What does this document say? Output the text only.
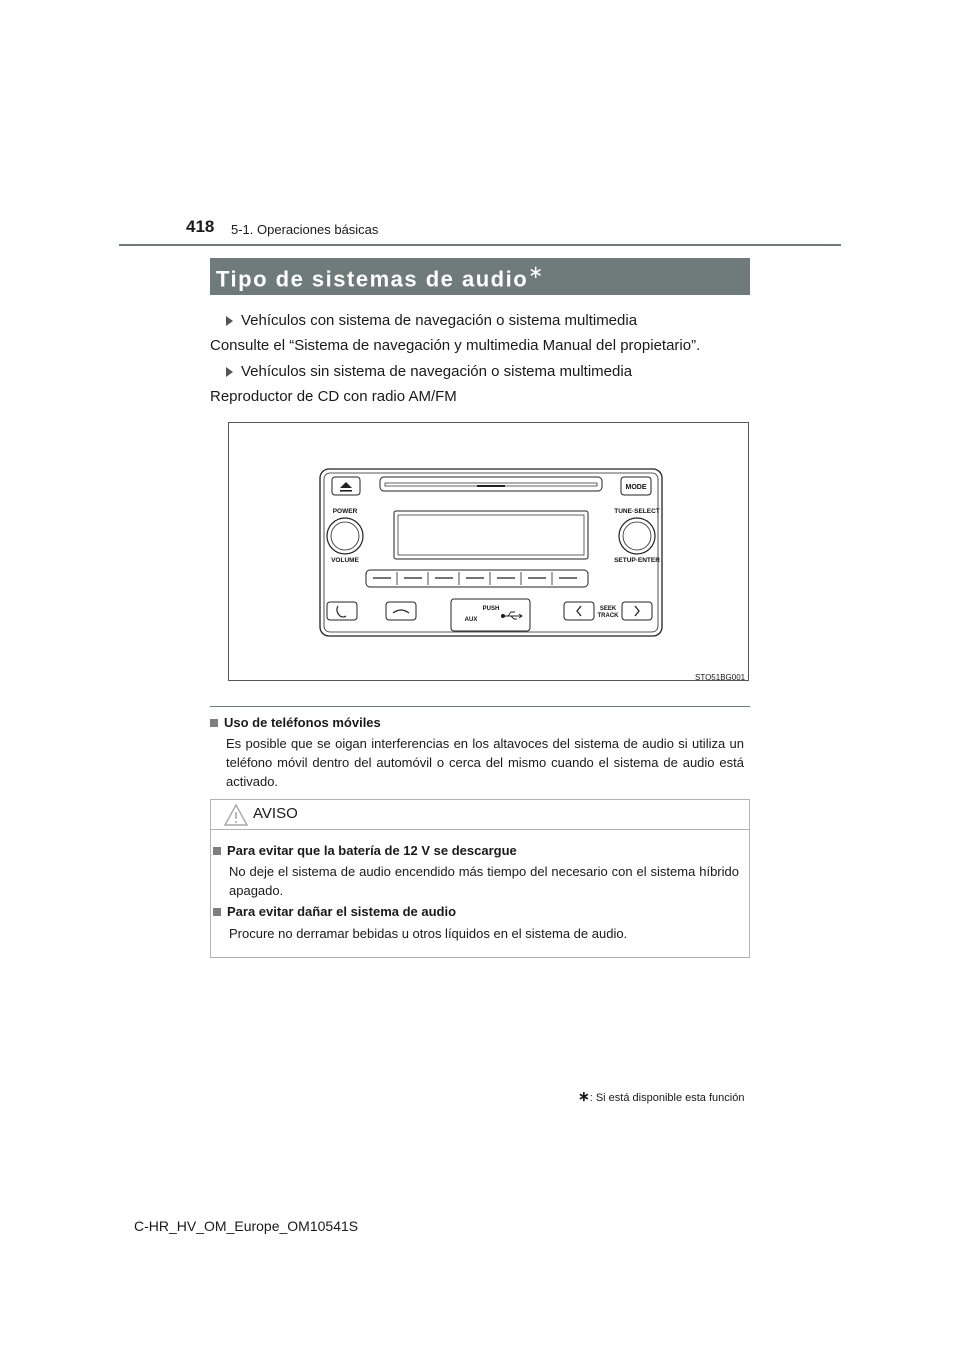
418 5-1. Operaciones básicas
Tipo de sistemas de audio∗
Vehículos con sistema de navegación o sistema multimedia
Consulte el “Sistema de navegación y multimedia Manual del propietario”.
Vehículos sin sistema de navegación o sistema multimedia
Reproductor de CD con radio AM/FM
MODE
POWER
VOLUME
TUNE·SELECT
SETUP·ENTER
PUSH
AUX
SEEK
TRACK
STO51BG001
Uso de teléfonos móviles
Es posible que se oigan interferencias en los altavoces del sistema de audio si utiliza un teléfono móvil dentro del automóvil o cerca del mismo cuando el sistema de audio está activado.
AVISO
Para evitar que la batería de 12 V se descargue
No deje el sistema de audio encendido más tiempo del necesario con el sistema híbrido apagado.
Para evitar dañar el sistema de audio
Procure no derramar bebidas u otros líquidos en el sistema de audio.
∗: Si está disponible esta función
C-HR_HV_OM_Europe_OM10541S
